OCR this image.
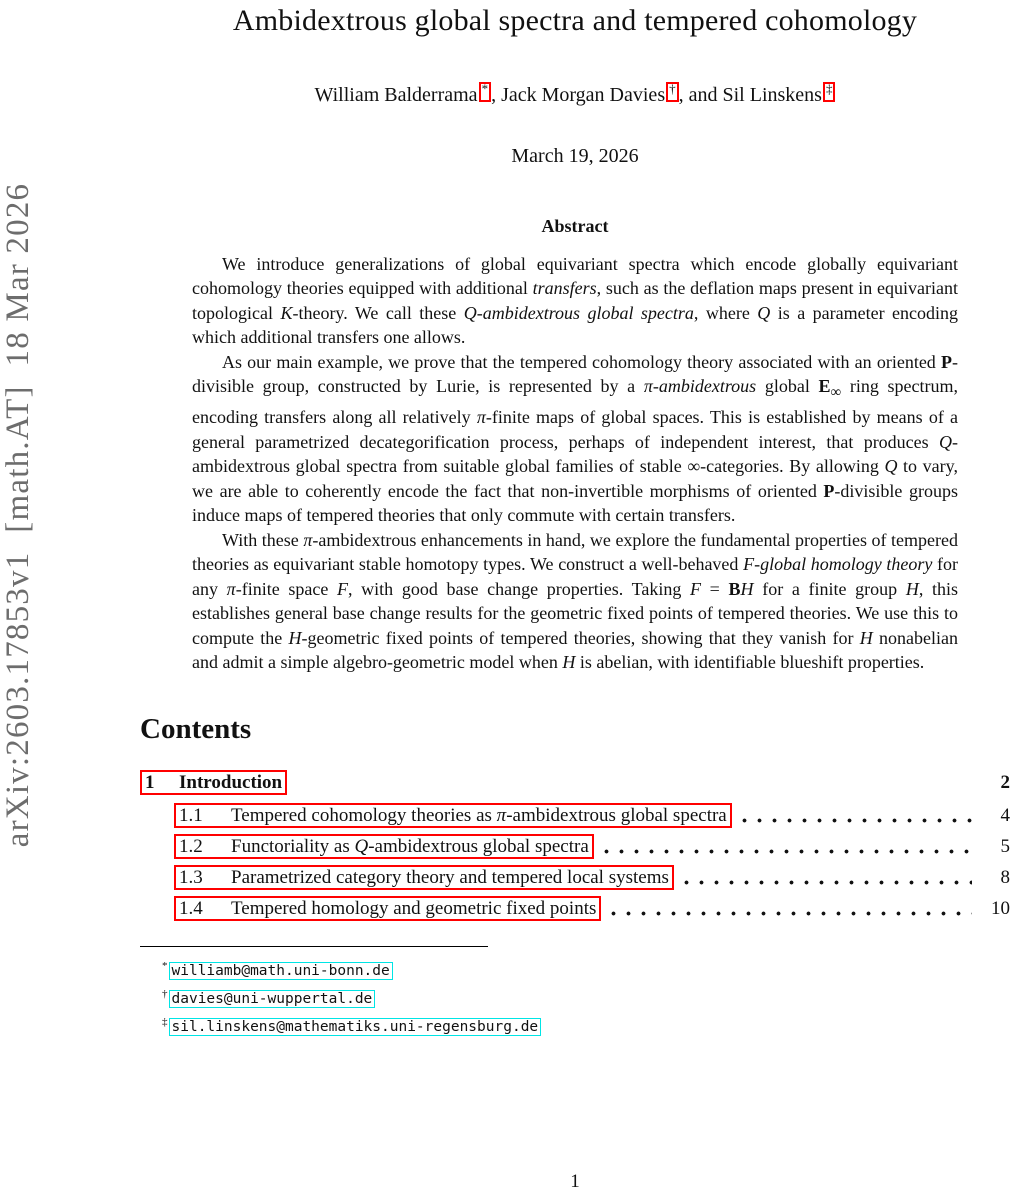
arXiv:2603.17853v1  [math.AT]  18 Mar 2026
Ambidextrous global spectra and tempered cohomology
William Balderrama * , Jack Morgan Davies † , and Sil Linskens ‡
March 19, 2026
Abstract

We introduce generalizations of global equivariant spectra which encode globally equivariant cohomology theories equipped with additional transfers, such as the deflation maps present in equivariant topological K-theory. We call these Q-ambidextrous global spectra, where Q is a parameter encoding which additional transfers one allows.

As our main example, we prove that the tempered cohomology theory associated with an oriented P-divisible group, constructed by Lurie, is represented by a π-ambidextrous global $E_\infty$ ring spectrum, encoding transfers along all relatively π-finite maps of global spaces. This is established by means of a general parametrized decategorification process, perhaps of independent interest, that produces Q-ambidextrous global spectra from suitable global families of stable ∞-categories. By allowing Q to vary, we are able to coherently encode the fact that non-invertible morphisms of oriented P-divisible groups induce maps of tempered theories that only commute with certain transfers.

With these π-ambidextrous enhancements in hand, we explore the fundamental properties of tempered theories as equivariant stable homotopy types. We construct a well-behaved F-global homology theory for any π-finite space F, with good base change properties. Taking F = BH for a finite group H, this establishes general base change results for the geometric fixed points of tempered theories. We use this to compute the H-geometric fixed points of tempered theories, showing that they vanish for H nonabelian and admit a simple algebro-geometric model when H is abelian, with identifiable blueshift properties.

Contents
1	Introduction	2
1.1	Tempered cohomology theories as π-ambidextrous global spectra	4
1.2	Functoriality as Q-ambidextrous global spectra	5
1.3	Parametrized category theory and tempered local systems	8
1.4	Tempered homology and geometric fixed points	10
* williamb@math.uni-bonn.de
† davies@uni-wuppertal.de
‡ sil.linskens@mathematiks.uni-regensburg.de
1
